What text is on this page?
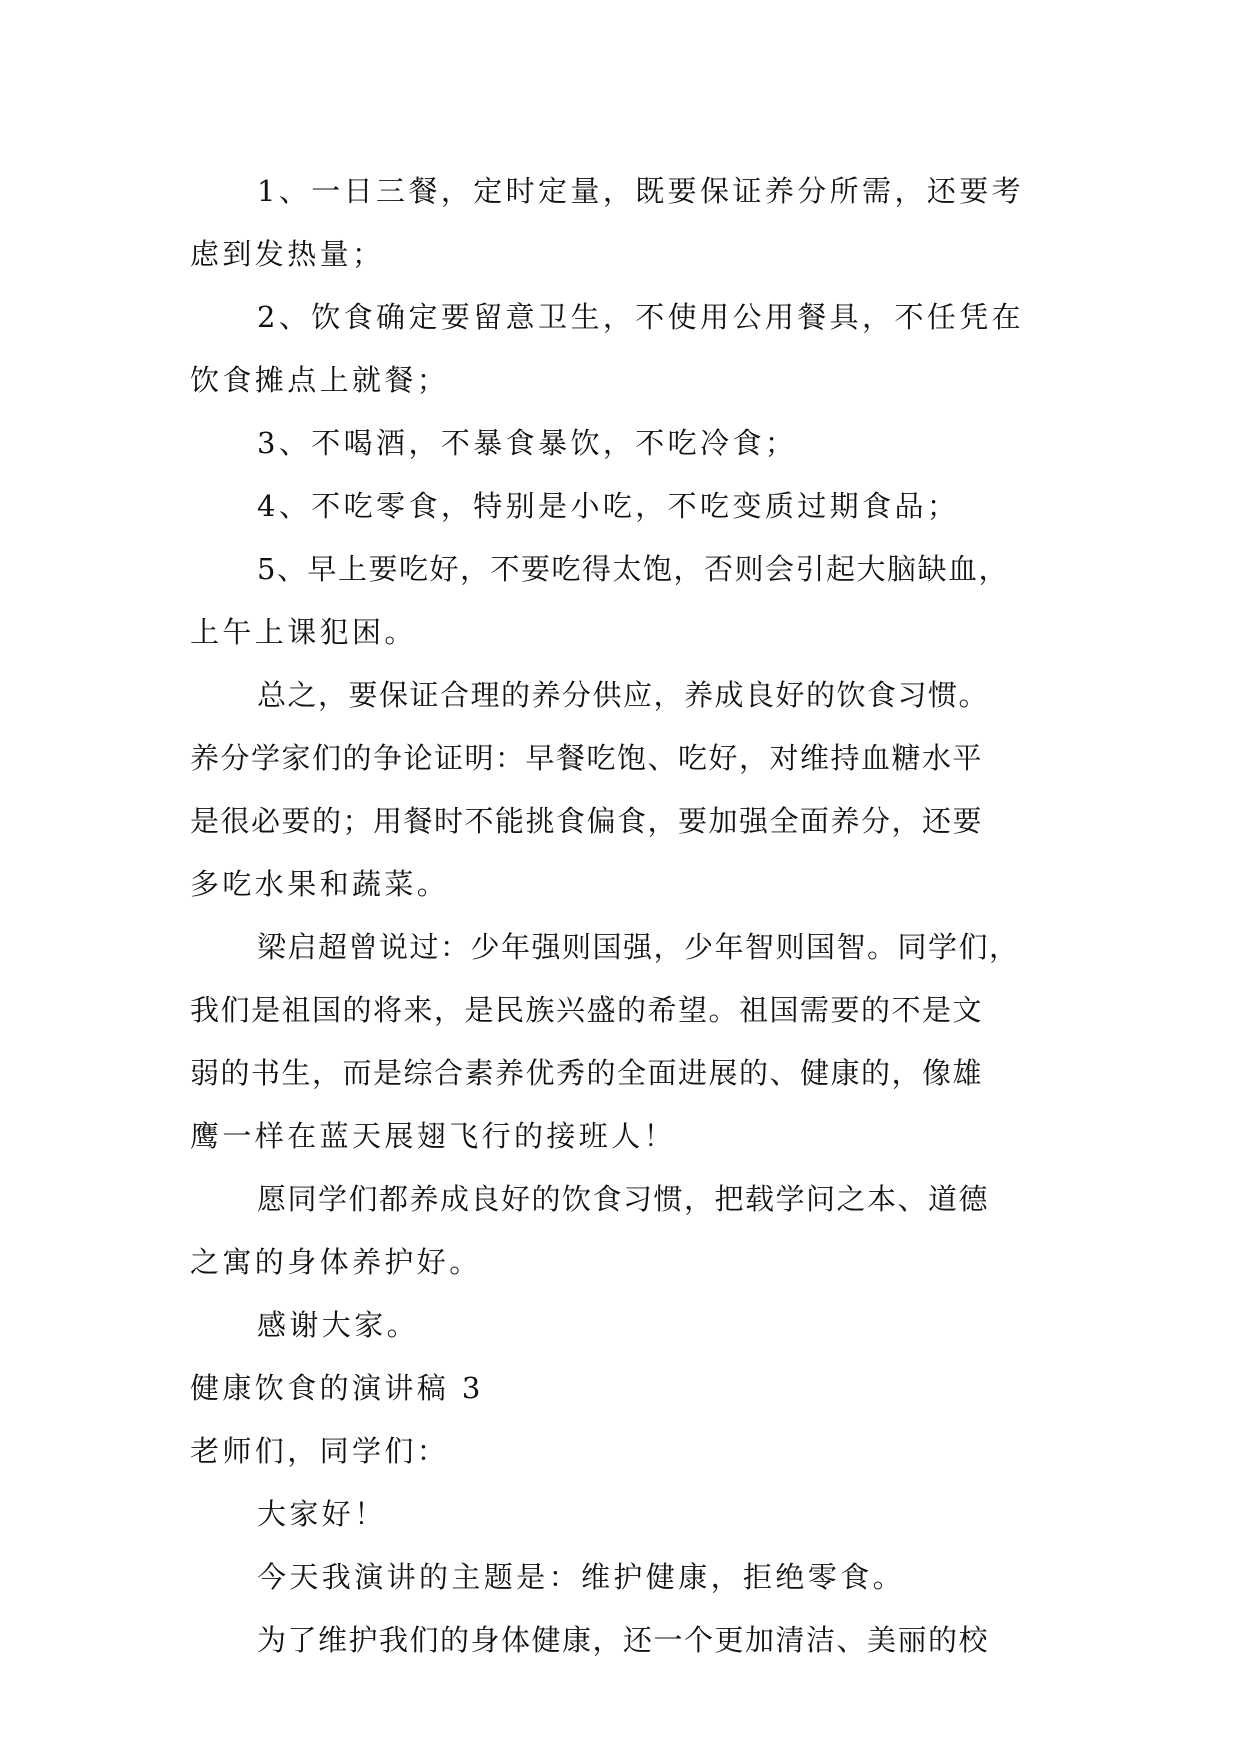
1、一日三餐，定时定量，既要保证养分所需，还要考
虑到发热量；
2、饮食确定要留意卫生，不使用公用餐具，不任凭在
饮食摊点上就餐；
3、不喝酒，不暴食暴饮，不吃冷食；
4、不吃零食，特别是小吃，不吃变质过期食品；
5、早上要吃好，不要吃得太饱，否则会引起大脑缺血，
上午上课犯困。
总之，要保证合理的养分供应，养成良好的饮食习惯。
养分学家们的争论证明：早餐吃饱、吃好，对维持血糖水平
是很必要的；用餐时不能挑食偏食，要加强全面养分，还要
多吃水果和蔬菜。
梁启超曾说过：少年强则国强，少年智则国智。同学们，
我们是祖国的将来，是民族兴盛的希望。祖国需要的不是文
弱的书生，而是综合素养优秀的全面进展的、健康的，像雄
鹰一样在蓝天展翅飞行的接班人！
愿同学们都养成良好的饮食习惯，把载学问之本、道德
之寓的身体养护好。
感谢大家。
健康饮食的演讲稿 3
老师们，同学们：
大家好！
今天我演讲的主题是：维护健康，拒绝零食。
为了维护我们的身体健康，还一个更加清洁、美丽的校
